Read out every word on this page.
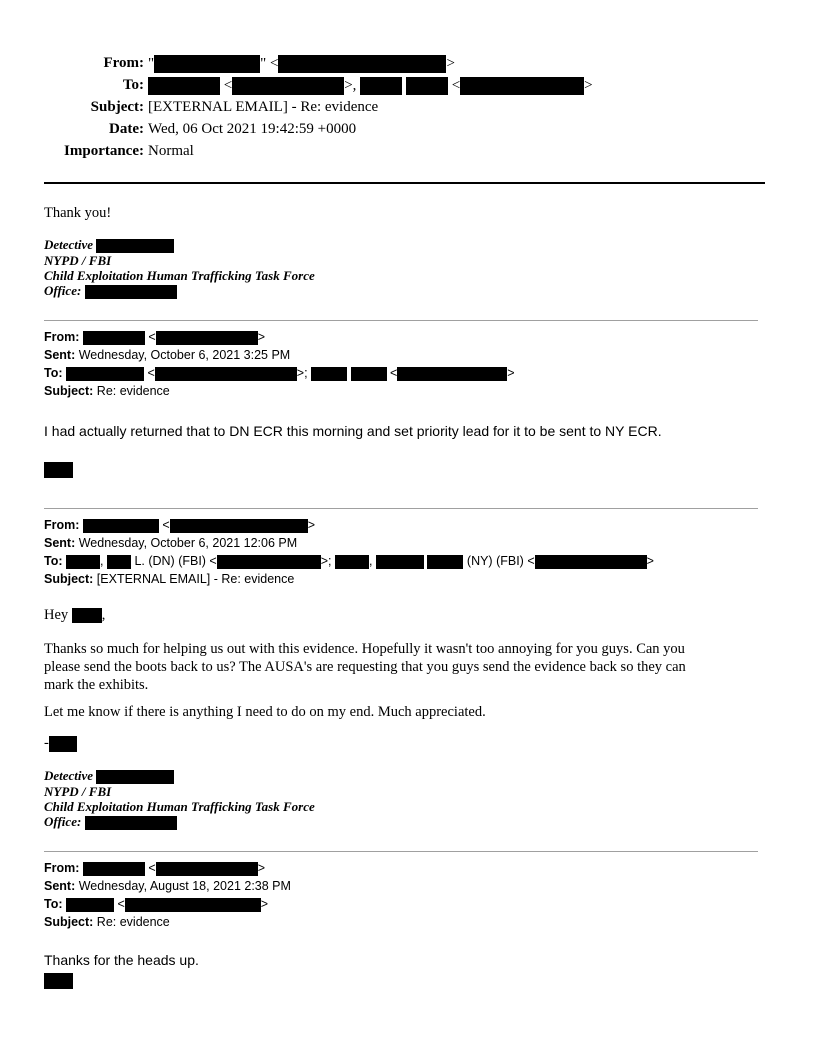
From: "	" <	>
To:	<	>,	<	>
Subject: [EXTERNAL EMAIL] - Re: evidence
Date: Wed, 06 Oct 2021 19:42:59 +0000
Importance: Normal
Thank you!
Detective
NYPD / FBI
Child Exploitation Human Trafficking Task Force
Office:
From:	<	>
Sent: Wednesday, October 6, 2021 3:25 PM
To:	<	>;	<	>
Subject: Re: evidence
I had actually returned that to DN ECR this morning and set priority lead for it to be sent to NY ECR.
From:	<	>
Sent: Wednesday, October 6, 2021 12:06 PM
To:	,  L. (DN) (FBI) <	>;	,	(NY) (FBI) <	>
Subject: [EXTERNAL EMAIL] - Re: evidence
Hey ,
Thanks so much for helping us out with this evidence. Hopefully it wasn't too annoying for you guys. Can you
please send the boots back to us? The AUSA's are requesting that you guys send the evidence back so they can
mark the exhibits.
Let me know if there is anything I need to do on my end. Much appreciated.
-
Detective
NYPD / FBI
Child Exploitation Human Trafficking Task Force
Office:
From:	<	>
Sent: Wednesday, August 18, 2021 2:38 PM
To:	<	>
Subject: Re: evidence
Thanks for the heads up.
